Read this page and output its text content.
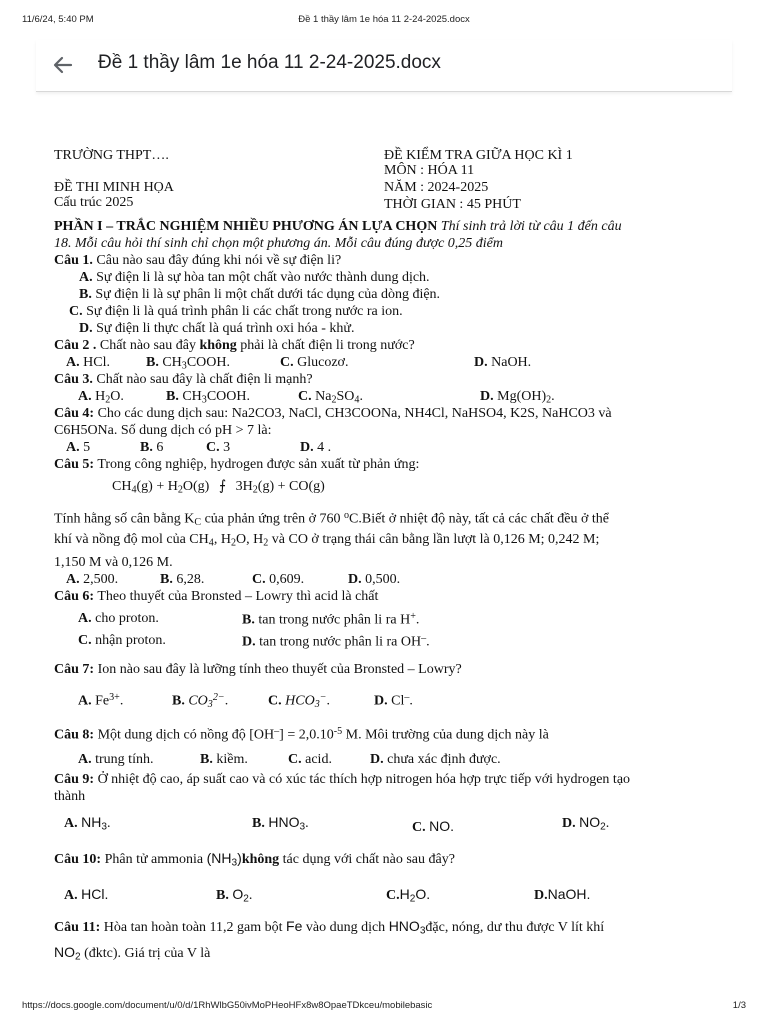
11/6/24, 5:40 PM	Đề 1 thầy lâm 1e hóa 11 2-24-2025.docx
Đề 1 thầy lâm 1e hóa 11 2-24-2025.docx
TRƯỜNG THPT….	ĐỀ KIỂM TRA GIỮA HỌC KÌ 1
MÔN : HÓA 11
ĐỀ THI MINH HỌA	NĂM : 2024-2025
Cấu trúc 2025	THỜI GIAN : 45 PHÚT
PHẦN I – TRẮC NGHIỆM NHIỀU PHƯƠNG ÁN LỰA CHỌN Thí sinh trả lời từ câu 1 đến câu
18. Mỗi câu hỏi thí sinh chỉ chọn một phương án. Mỗi câu đúng được 0,25 điểm
Câu 1. Câu nào sau đây đúng khi nói về sự điện li?
A. Sự điện li là sự hòa tan một chất vào nước thành dung dịch.
B. Sự điện li là sự phân li một chất dưới tác dụng của dòng điện.
C. Sự điện li là quá trình phân li các chất trong nước ra ion.
D. Sự điện li thực chất là quá trình oxi hóa - khử.
Câu 2 . Chất nào sau đây không phải là chất điện li trong nước?
A. HCl.	B. $CH_3COOH$.	C. Glucozơ.	D. NaOH.
Câu 3. Chất nào sau đây là chất điện li mạnh?
A. $H_2O$.	B. $CH_3COOH$.	C. $Na_2SO_4$.	D. $Mg(OH)_2$.
Câu 4: Cho các dung dịch sau: Na2CO3, NaCl, CH3COONa, NH4Cl, NaHSO4, K2S, NaHCO3 và
C6H5ONa. Số dung dịch có pH > 7 là:
A. 5	B. 6	C. 3	D. 4 .
Câu 5: Trong công nghiệp, hydrogen được sản xuất từ phản ứng:
$CH_4(g) + H_2O(g)$ ⨍ $3H_2(g) + CO(g)$
Tính hằng số cân bằng $K_C$ của phản ứng trên ở 760 $^o$C.Biết ở nhiệt độ này, tất cả các chất đều ở thể
khí và nồng độ mol của $CH_4$, $H_2O$, $H_2$ và CO ở trạng thái cân bằng lần lượt là 0,126 M; 0,242 M;
1,150 M và 0,126 M.
A. 2,500.	B. 6,28.	C. 0,609.	D. 0,500.
Câu 6: Theo thuyết của Bronsted – Lowry thì acid là chất
A. cho proton.	B. tan trong nước phân li ra H+.
C. nhận proton.	D. tan trong nước phân li ra OH–.
Câu 7: Ion nào sau đây là lưỡng tính theo thuyết của Bronsted – Lowry?
A. $Fe^{3+}$.	B. $CO_3^{2-}$.	C. $HCO_3^-$.	D. Cl–.
Câu 8: Một dung dịch có nồng độ $[OH^-] = 2,0.10^{-5}$ M. Môi trường của dung dịch này là
A. trung tính.	B. kiềm.	C. acid.	D. chưa xác định được.
Câu 9: Ở nhiệt độ cao, áp suất cao và có xúc tác thích hợp nitrogen hóa hợp trực tiếp với hydrogen tạo
thành
A. $NH_3$.	B. $HNO_3$.	C. NO.	D. $NO_2$.
Câu 10: Phân tử ammonia $(NH_3)không$ tác dụng với chất nào sau đây?
A. HCl.	B. $O_2$.	$C.H_2O$.	D.NaOH.
Câu 11: Hòa tan hoàn toàn 11,2 gam bột Fe vào dung dịch $HNO_3đặc$, nóng, dư thu được V lít khí
$NO_2$ (đktc). Giá trị của V là
https://docs.google.com/document/u/0/d/1RhWlbG50ivMoPHeoHFx8w8OpaeTDkceu/mobilebasic	1/3
